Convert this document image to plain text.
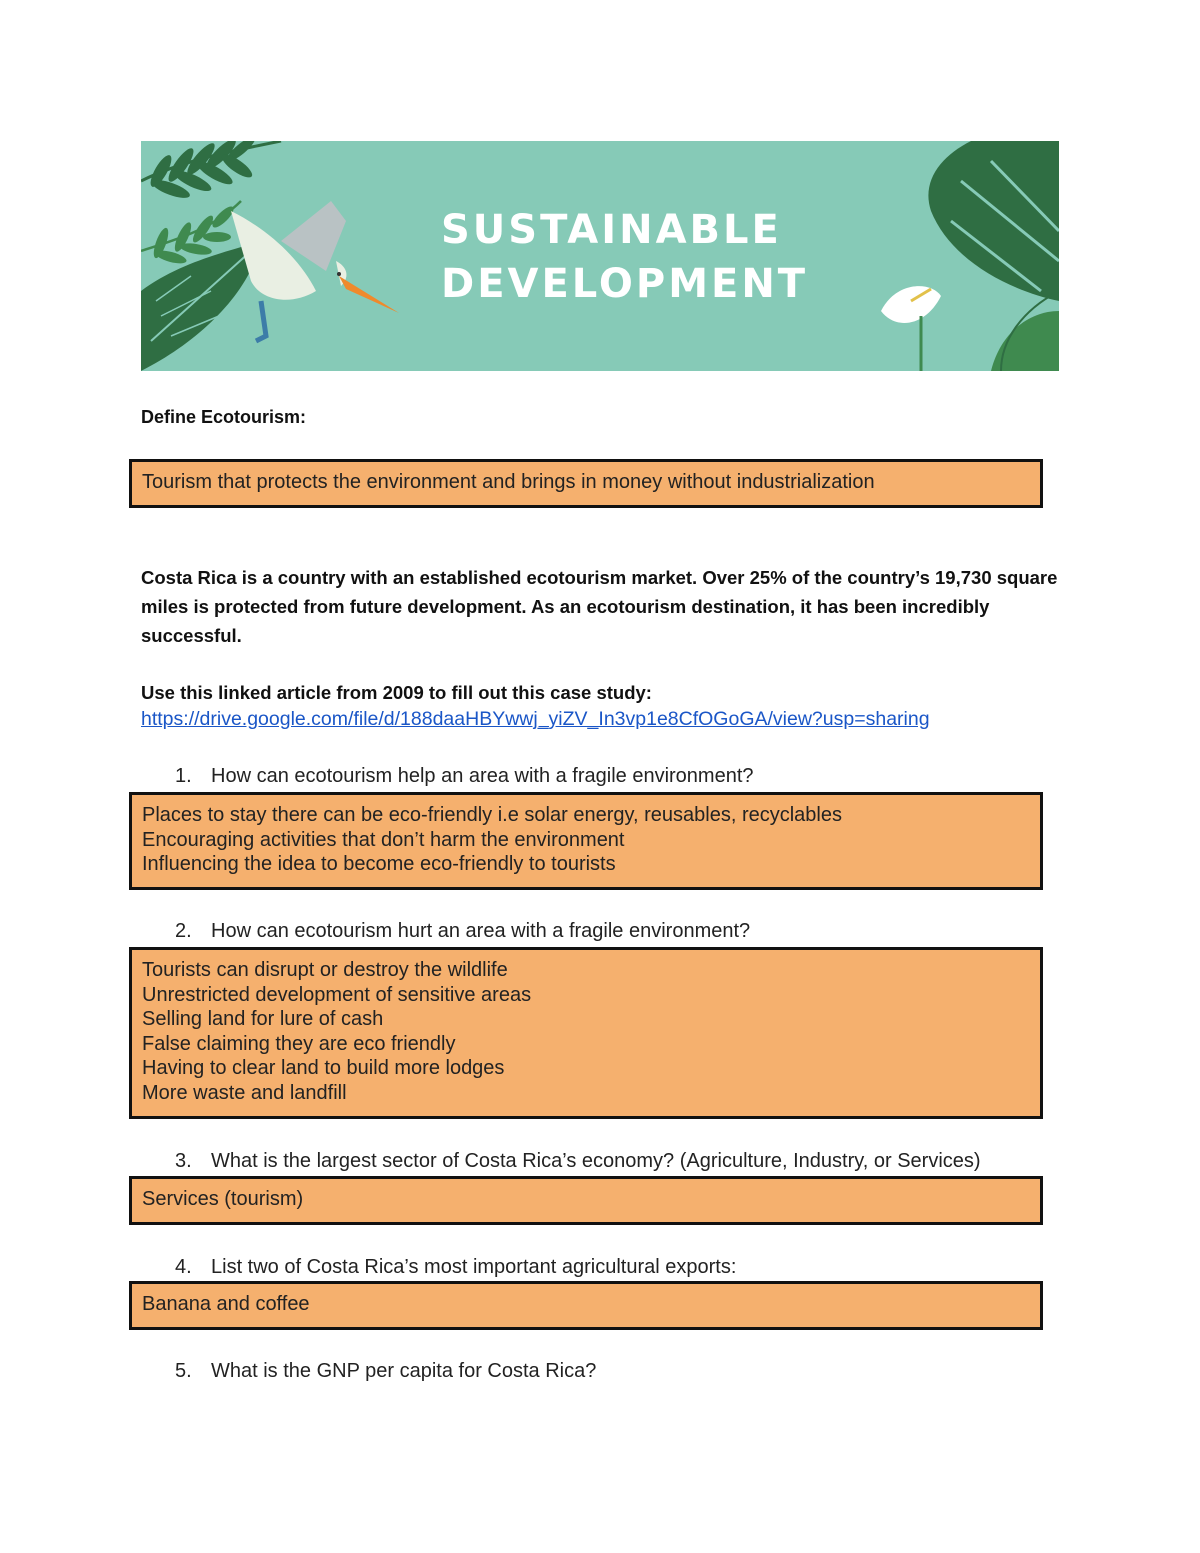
SUSTAINABLE
DEVELOPMENT
Define Ecotourism:
Tourism that protects the environment and brings in money without industrialization
Costa Rica is a country with an established ecotourism market. Over 25% of the country’s 19,730 square miles is protected from future development. As an ecotourism destination, it has been incredibly successful.
Use this linked article from 2009 to fill out this case study:
https://drive.google.com/file/d/188daaHBYwwj_yiZV_In3vp1e8CfOGoGA/view?usp=sharing
1. How can ecotourism help an area with a fragile environment?
Places to stay there can be eco-friendly i.e solar energy, reusables, recyclables
Encouraging activities that don’t harm the environment
Influencing the idea to become eco-friendly to tourists
2. How can ecotourism hurt an area with a fragile environment?
Tourists can disrupt or destroy the wildlife
Unrestricted development of sensitive areas
Selling land for lure of cash
False claiming they are eco friendly
Having to clear land to build more lodges
More waste and landfill
3. What is the largest sector of Costa Rica’s economy? (Agriculture, Industry, or Services)
Services (tourism)
4. List two of Costa Rica’s most important agricultural exports:
Banana and coffee
5. What is the GNP per capita for Costa Rica?
